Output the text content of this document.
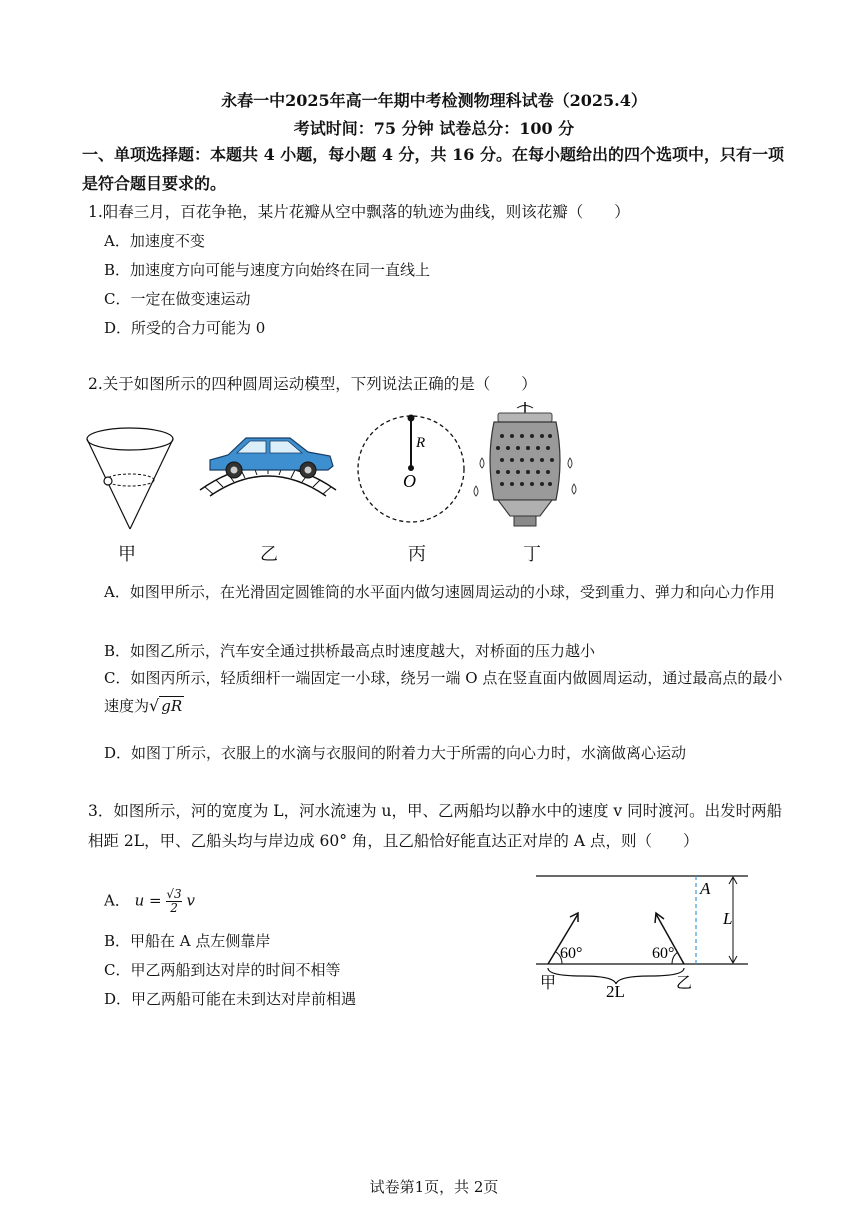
永春一中2025年高一年期中考检测物理科试卷（2025.4）
考试时间：75 分钟 试卷总分：100 分
一、单项选择题：本题共 4 小题，每小题 4 分，共 16 分。在每小题给出的四个选项中，只有一项是符合题目要求的。
1.阳春三月，百花争艳，某片花瓣从空中飘落的轨迹为曲线，则该花瓣（　　）
A．加速度不变
B．加速度方向可能与速度方向始终在同一直线上
C．一定在做变速运动
D．所受的合力可能为 0
2.关于如图所示的四种圆周运动模型，下列说法正确的是（　　）
甲	乙
R
O
丙	丁
A．如图甲所示，在光滑固定圆锥筒的水平面内做匀速圆周运动的小球，受到重力、弹力和向心力作用
B．如图乙所示，汽车安全通过拱桥最高点时速度越大，对桥面的压力越小
C．如图丙所示，轻质细杆一端固定一小球，绕另一端 O 点在竖直面内做圆周运动，通过最高点的最小速度为√ gR
D．如图丁所示，衣服上的水滴与衣服间的附着力大于所需的向心力时，水滴做离心运动
3．如图所示，河的宽度为 L，河水流速为 u，甲、乙两船均以静水中的速度 v 同时渡河。出发时两船相距 2L，甲、乙船头均与岸边成 60° 角，且乙船恰好能直达正对岸的 A 点，则（　　）
A． $u = \frac{√3}{2}$ v
B．甲船在 A 点左侧靠岸
C．甲乙两船到达对岸的时间不相等
D．甲乙两船可能在未到达对岸前相遇
A
L
60°	60°
甲	乙
2L
试卷第1页，共 2页
